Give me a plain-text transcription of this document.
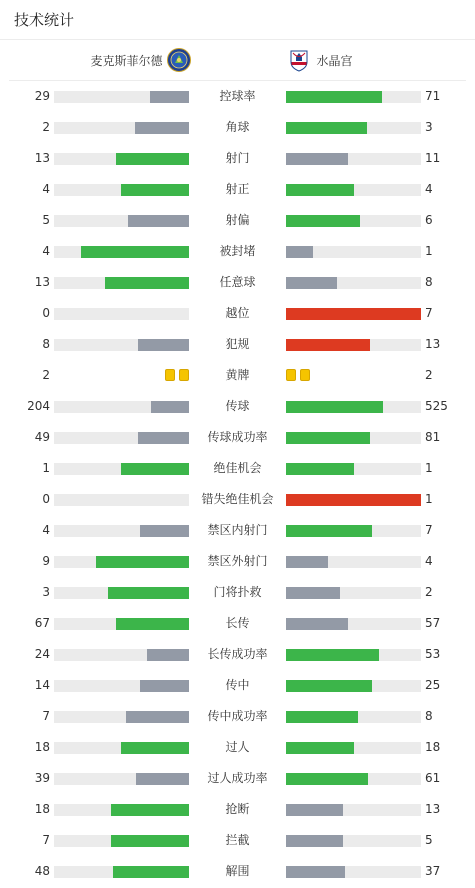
技术统计
麦克斯菲尔德	水晶宫
29	控球率	71
2	角球	3
13	射门	11
4	射正	4
5	射偏	6
4	被封堵	1
13	任意球	8
0	越位	7
8	犯规	13
2	黄牌	2
204	传球	525
49	传球成功率	81
1	绝佳机会	1
0	错失绝佳机会	1
4	禁区内射门	7
9	禁区外射门	4
3	门将扑救	2
67	长传	57
24	长传成功率	53
14	传中	25
7	传中成功率	8
18	过人	18
39	过人成功率	61
18	抢断	13
7	拦截	5
48	解围	37
